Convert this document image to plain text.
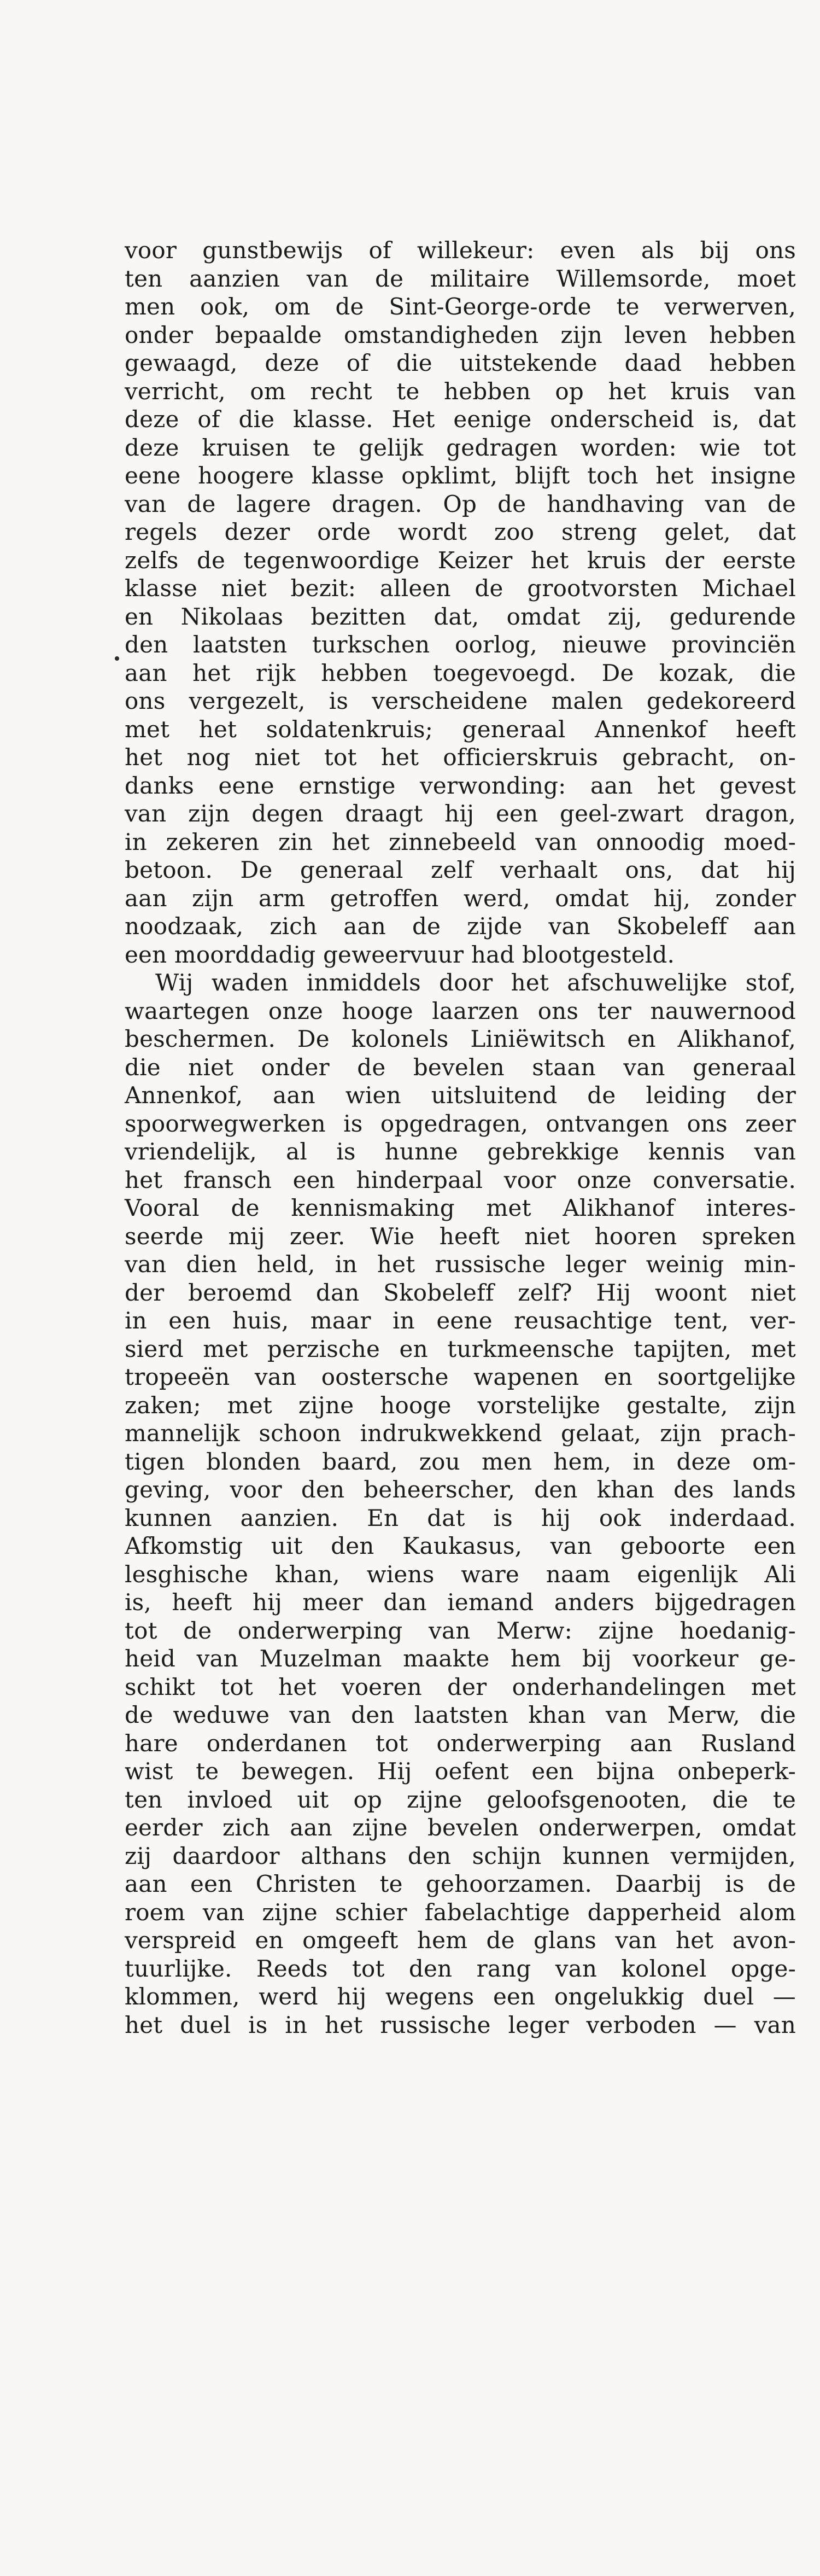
voor gunstbewijs of willekeur: even als bij ons
ten aanzien van de militaire Willemsorde, moet
men ook, om de Sint-George-orde te verwerven,
onder bepaalde omstandigheden zijn leven hebben
gewaagd, deze of die uitstekende daad hebben
verricht, om recht te hebben op het kruis van
deze of die klasse. Het eenige onderscheid is, dat
deze kruisen te gelijk gedragen worden: wie tot
eene hoogere klasse opklimt, blijft toch het insigne
van de lagere dragen. Op de handhaving van de
regels dezer orde wordt zoo streng gelet, dat
zelfs de tegenwoordige Keizer het kruis der eerste
klasse niet bezit: alleen de grootvorsten Michael
en Nikolaas bezitten dat, omdat zij, gedurende
den laatsten turkschen oorlog, nieuwe provinciën
aan het rijk hebben toegevoegd. De kozak, die
ons vergezelt, is verscheidene malen gedekoreerd
met het soldatenkruis; generaal Annenkof heeft
het nog niet tot het officierskruis gebracht, on-
danks eene ernstige verwonding: aan het gevest
van zijn degen draagt hij een geel-zwart dragon,
in zekeren zin het zinnebeeld van onnoodig moed-
betoon. De generaal zelf verhaalt ons, dat hij
aan zijn arm getroffen werd, omdat hij, zonder
noodzaak, zich aan de zijde van Skobeleff aan
een moorddadig geweervuur had blootgesteld.
Wij waden inmiddels door het afschuwelijke stof,
waartegen onze hooge laarzen ons ter nauwernood
beschermen. De kolonels Liniëwitsch en Alikhanof,
die niet onder de bevelen staan van generaal
Annenkof, aan wien uitsluitend de leiding der
spoorwegwerken is opgedragen, ontvangen ons zeer
vriendelijk, al is hunne gebrekkige kennis van
het fransch een hinderpaal voor onze conversatie.
Vooral de kennismaking met Alikhanof interes-
seerde mij zeer. Wie heeft niet hooren spreken
van dien held, in het russische leger weinig min-
der beroemd dan Skobeleff zelf? Hij woont niet
in een huis, maar in eene reusachtige tent, ver-
sierd met perzische en turkmeensche tapijten, met
tropeeën van oostersche wapenen en soortgelijke
zaken; met zijne hooge vorstelijke gestalte, zijn
mannelijk schoon indrukwekkend gelaat, zijn prach-
tigen blonden baard, zou men hem, in deze om-
geving, voor den beheerscher, den khan des lands
kunnen aanzien. En dat is hij ook inderdaad.
Afkomstig uit den Kaukasus, van geboorte een
lesghische khan, wiens ware naam eigenlijk Ali
is, heeft hij meer dan iemand anders bijgedragen
tot de onderwerping van Merw: zijne hoedanig-
heid van Muzelman maakte hem bij voorkeur ge-
schikt tot het voeren der onderhandelingen met
de weduwe van den laatsten khan van Merw, die
hare onderdanen tot onderwerping aan Rusland
wist te bewegen. Hij oefent een bijna onbeperk-
ten invloed uit op zijne geloofsgenooten, die te
eerder zich aan zijne bevelen onderwerpen, omdat
zij daardoor althans den schijn kunnen vermijden,
aan een Christen te gehoorzamen. Daarbij is de
roem van zijne schier fabelachtige dapperheid alom
verspreid en omgeeft hem de glans van het avon-
tuurlijke. Reeds tot den rang van kolonel opge-
klommen, werd hij wegens een ongelukkig duel —
het duel is in het russische leger verboden — van
